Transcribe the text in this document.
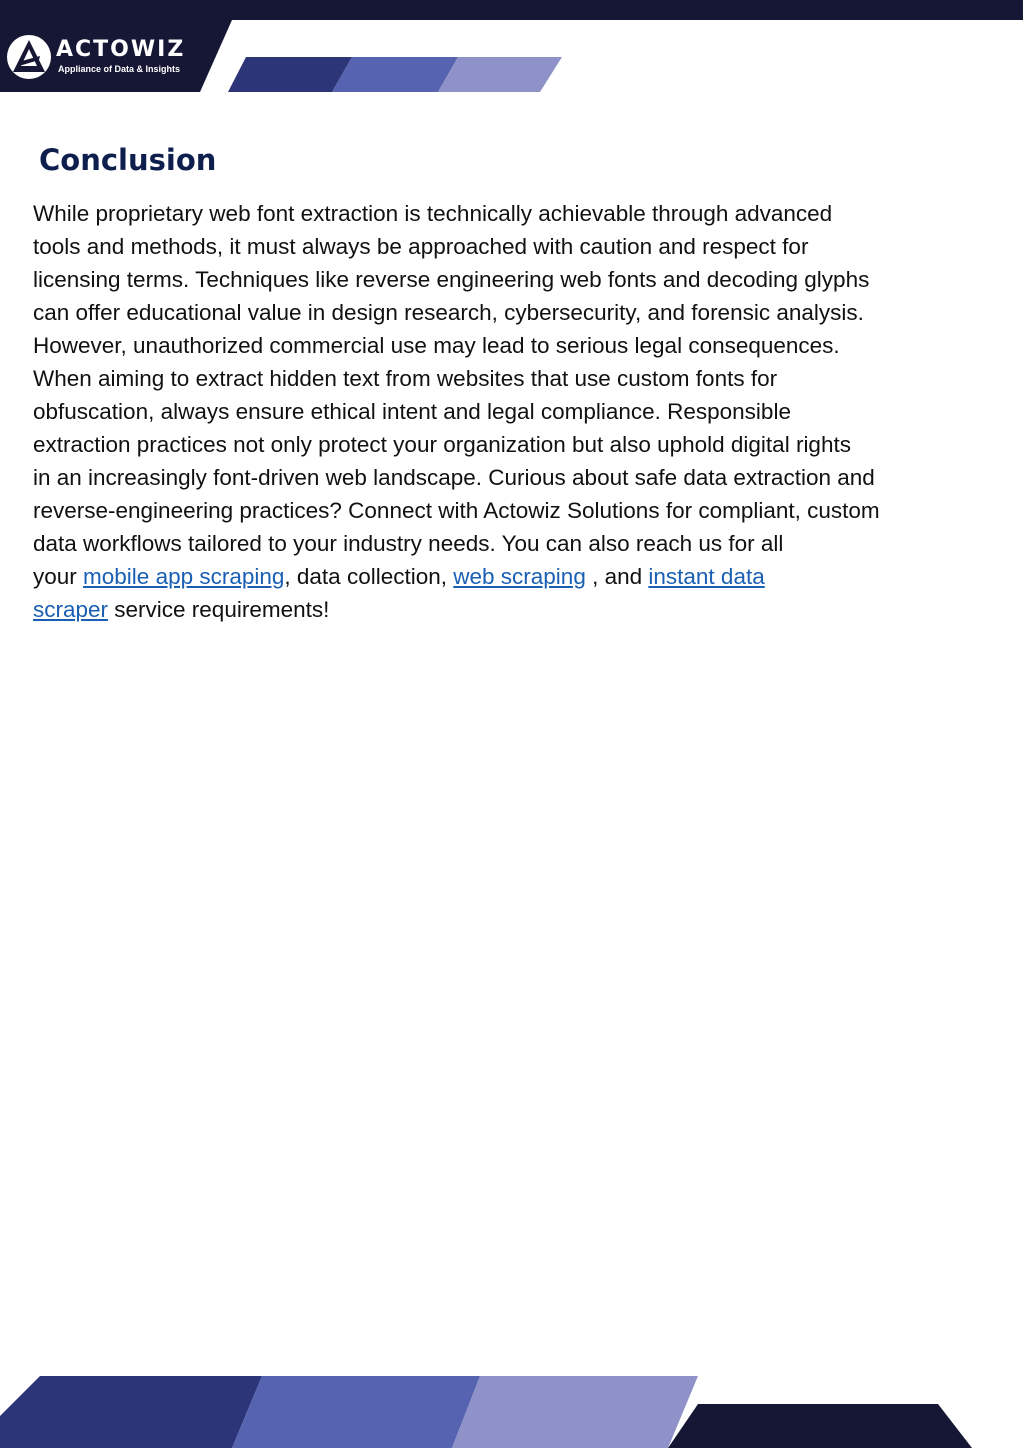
ACTOWIZ
Appliance of Data & Insights
Conclusion

While proprietary web font extraction is technically achievable through advanced
tools and methods, it must always be approached with caution and respect for
licensing terms. Techniques like reverse engineering web fonts and decoding glyphs
can offer educational value in design research, cybersecurity, and forensic analysis.
However, unauthorized commercial use may lead to serious legal consequences.
When aiming to extract hidden text from websites that use custom fonts for
obfuscation, always ensure ethical intent and legal compliance. Responsible
extraction practices not only protect your organization but also uphold digital rights
in an increasingly font-driven web landscape. Curious about safe data extraction and
reverse-engineering practices? Connect with Actowiz Solutions for compliant, custom
data workflows tailored to your industry needs. You can also reach us for all
your mobile app scraping, data collection, web scraping , and instant data
scraper service requirements!
